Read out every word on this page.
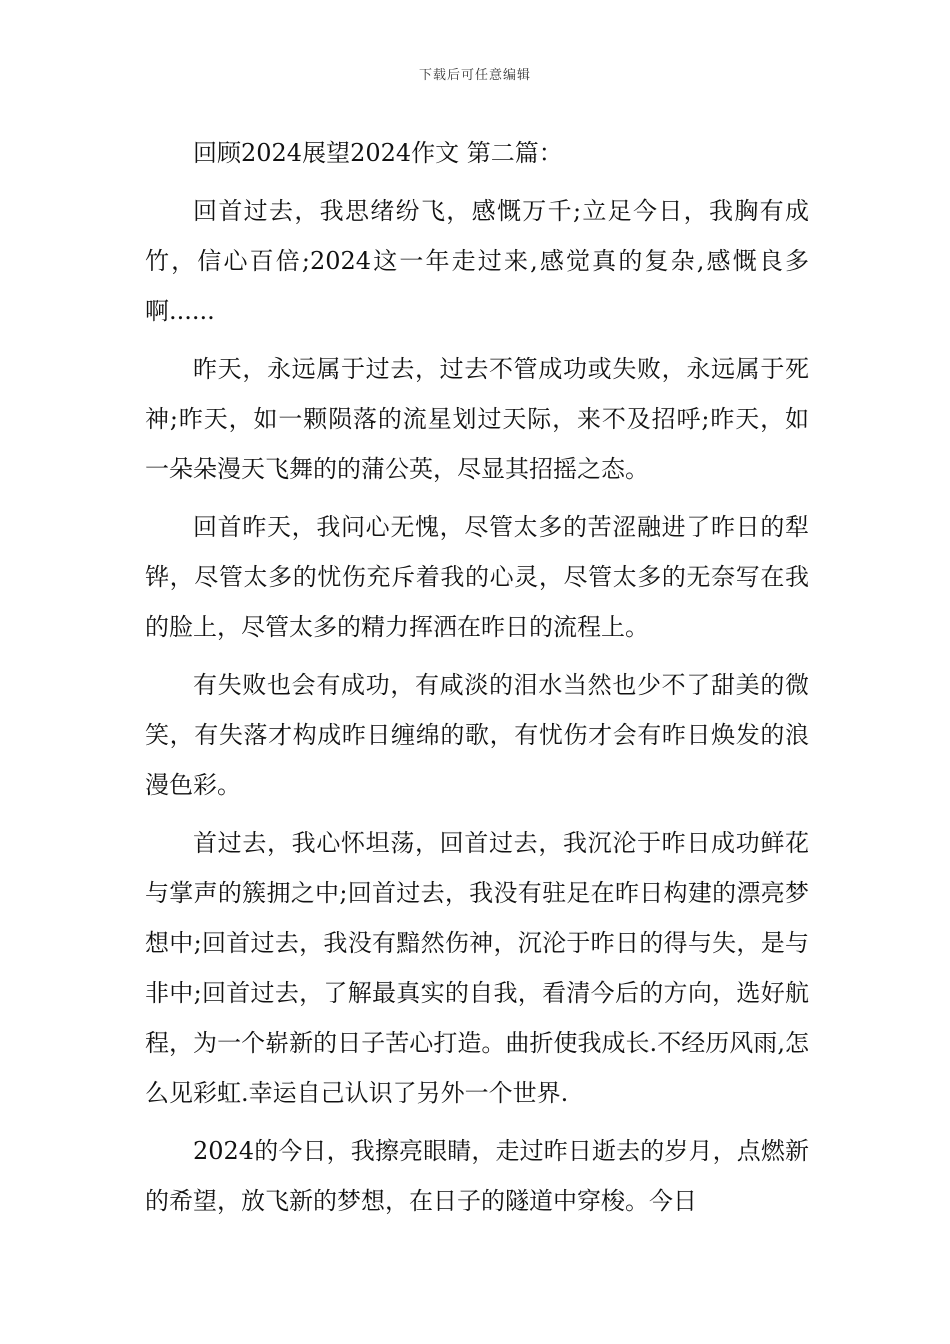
下载后可任意编辑

回顾2024展望2024作文 第二篇：

回首过去，我思绪纷飞，感慨万千;立足今日，我胸有成竹，信心百倍;2024这一年走过来,感觉真的复杂,感慨良多啊......

昨天，永远属于过去，过去不管成功或失败，永远属于死神;昨天，如一颗陨落的流星划过天际，来不及招呼;昨天，如一朵朵漫天飞舞的的蒲公英，尽显其招摇之态。

回首昨天，我问心无愧，尽管太多的苦涩融进了昨日的犁铧，尽管太多的忧伤充斥着我的心灵，尽管太多的无奈写在我的脸上，尽管太多的精力挥洒在昨日的流程上。

有失败也会有成功，有咸淡的泪水当然也少不了甜美的微笑，有失落才构成昨日缠绵的歌，有忧伤才会有昨日焕发的浪漫色彩。

首过去，我心怀坦荡，回首过去，我沉沦于昨日成功鲜花与掌声的簇拥之中;回首过去，我没有驻足在昨日构建的漂亮梦想中;回首过去，我没有黯然伤神，沉沦于昨日的得与失，是与非中;回首过去，了解最真实的自我，看清今后的方向，选好航程，为一个崭新的日子苦心打造。曲折使我成长.不经历风雨,怎么见彩虹.幸运自己认识了另外一个世界.

2024的今日，我擦亮眼睛，走过昨日逝去的岁月，点燃新的希望，放飞新的梦想，在日子的隧道中穿梭。今日
